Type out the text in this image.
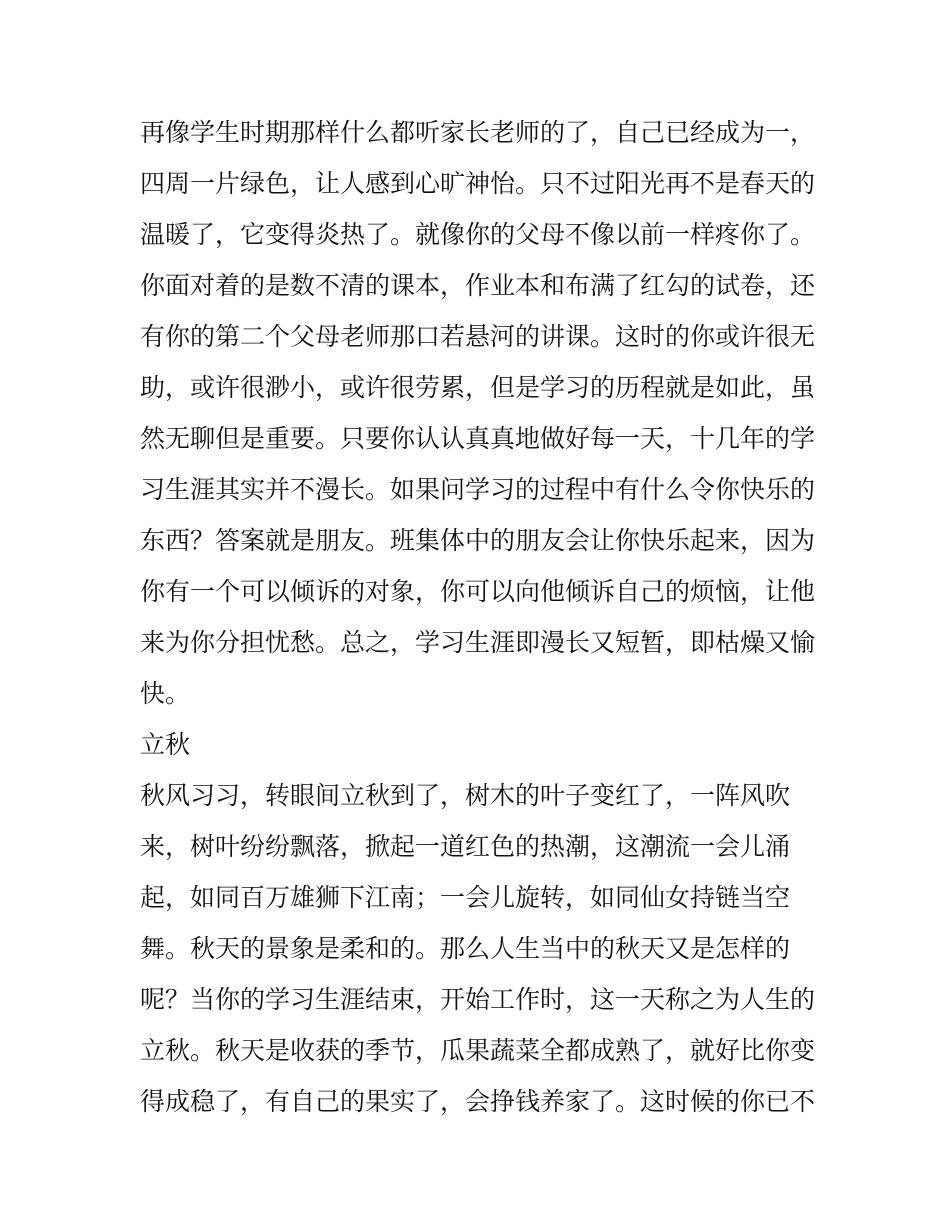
再像学生时期那样什么都听家长老师的了，自己已经成为一，
四周一片绿色，让人感到心旷神怡。只不过阳光再不是春天的
温暖了，它变得炎热了。就像你的父母不像以前一样疼你了。
你面对着的是数不清的课本，作业本和布满了红勾的试卷，还
有你的第二个父母老师那口若悬河的讲课。这时的你或许很无
助，或许很渺小，或许很劳累，但是学习的历程就是如此，虽
然无聊但是重要。只要你认认真真地做好每一天，十几年的学
习生涯其实并不漫长。如果问学习的过程中有什么令你快乐的
东西？答案就是朋友。班集体中的朋友会让你快乐起来，因为
你有一个可以倾诉的对象，你可以向他倾诉自己的烦恼，让他
来为你分担忧愁。总之，学习生涯即漫长又短暂，即枯燥又愉
快。
立秋
秋风习习，转眼间立秋到了，树木的叶子变红了，一阵风吹
来，树叶纷纷飘落，掀起一道红色的热潮，这潮流一会儿涌
起，如同百万雄狮下江南；一会儿旋转，如同仙女持链当空
舞。秋天的景象是柔和的。那么人生当中的秋天又是怎样的
呢？当你的学习生涯结束，开始工作时，这一天称之为人生的
立秋。秋天是收获的季节，瓜果蔬菜全都成熟了，就好比你变
得成稳了，有自己的果实了，会挣钱养家了。这时候的你已不
